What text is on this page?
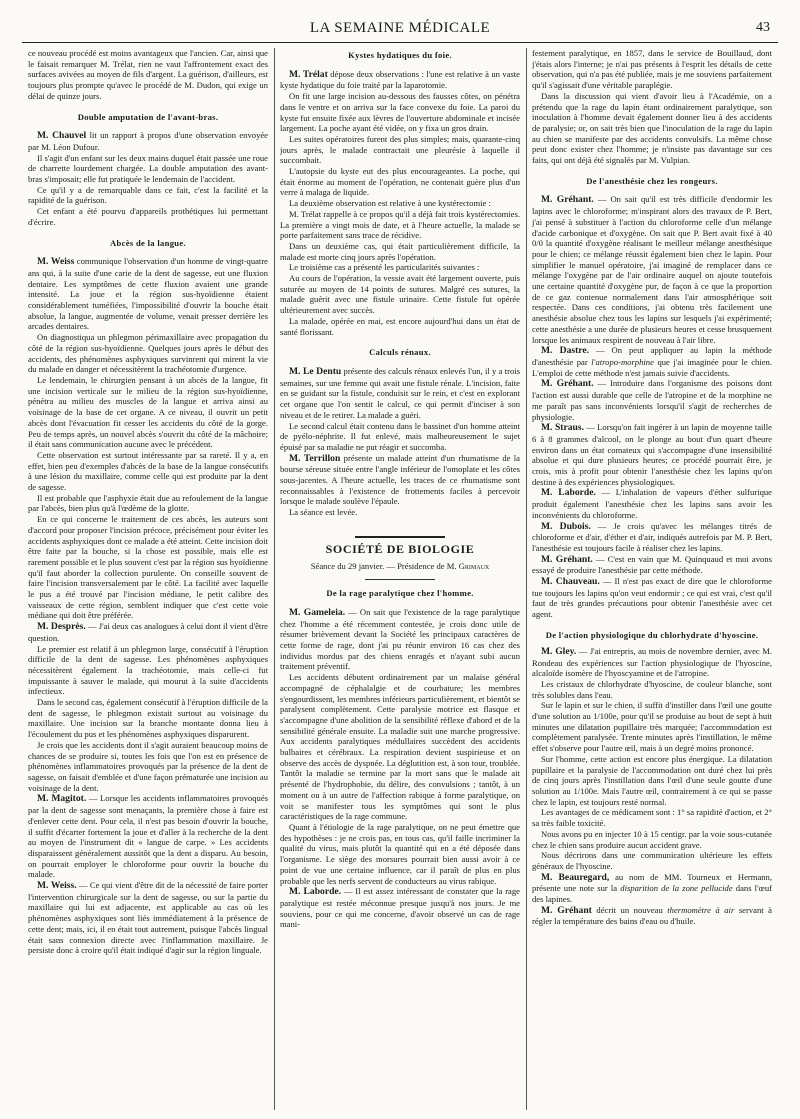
LA SEMAINE MÉDICALE	43

ce nouveau procédé est moins avantageux que l'ancien. Car, ainsi que le faisait remarquer M. Trélat, rien ne vaut l'affrontement exact des surfaces avivées au moyen de fils d'argent. La guérison, d'ailleurs, est toujours plus prompte qu'avec le procédé de M. Dudon, qui exige un délai de quinze jours.

Double amputation de l'avant-bras.

M. Chauvel lit un rapport à propos d'une observation envoyée par M. Léon Dufour.

Il s'agit d'un enfant sur les deux mains duquel était passée une roue de charrette lourdement chargée. La double amputation des avant-bras s'imposait; elle fut pratiquée le lendemain de l'accident.

Ce qu'il y a de remarquable dans ce fait, c'est la facilité et la rapidité de la guérison.

Cet enfant a été pourvu d'appareils prothétiques lui permettant d'écrire.

Abcès de la langue.

M. Weiss communique l'observation d'un homme de vingt-quatre ans qui, à la suite d'une carie de la dent de sagesse, eut une fluxion dentaire. Les symptômes de cette fluxion avaient une grande intensité. La joue et la région sus-hyoïdienne étaient considérablement tuméfiées, l'impossibilité d'ouvrir la bouche était absolue, la langue, augmentée de volume, venait presser derrière les arcades dentaires.

On diagnostiqua un phlegmon périmaxillaire avec propagation du côté de la région sus-hyoïdienne. Quelques jours après le début des accidents, des phénomènes asphyxiques survinrent qui mirent la vie du malade en danger et nécessitèrent la trachéotomie d'urgence.

Le lendemain, le chirurgien pensant à un abcès de la langue, fit une incision verticale sur le milieu de la région sus-hyoïdienne, pénétra au milieu des muscles de la langue et arriva ainsi au voisinage de la base de cet organe. A ce niveau, il ouvrit un petit abcès dont l'évacuation fit cesser les accidents du côté de la gorge. Peu de temps après, un nouvel abcès s'ouvrit du côté de la mâchoire; il était sans communication aucune avec le précédent.

Cette observation est surtout intéressante par sa rareté. Il y a, en effet, bien peu d'exemples d'abcès de la base de la langue consécutifs à une lésion du maxillaire, comme celle qui est produite par la dent de sagesse.

Il est probable que l'asphyxie était due au refoulement de la langue par l'abcès, bien plus qu'à l'œdème de la glotte.

En ce qui concerne le traitement de ces abcès, les auteurs sont d'accord pour proposer l'incision précoce, précisément pour éviter les accidents asphyxiques dont ce malade a été atteint. Cette incision doit être faite par la bouche, si la chose est possible, mais elle est rarement possible et le plus souvent c'est par la région sus hyoïdienne qu'il faut aborder la collection purulente. On conseille souvent de faire l'incision transversalement par le côté. La facilité avec laquelle le pus a été trouvé par l'incision médiane, le petit calibre des vaisseaux de cette région, semblent indiquer que c'est cette voie médiane qui doit être préférée.

M. Desprès. — J'ai deux cas analogues à celui dont il vient d'être question.

Le premier est relatif à un phlegmon large, consécutif à l'éruption difficile de la dent de sagesse. Les phénomènes asphyxiques nécessitèrent également la trachéotomie, mais celle-ci fut impuissante à sauver le malade, qui mourut à la suite d'accidents infectieux.

Dans le second cas, également consécutif à l'éruption difficile de la dent de sagesse, le phlegmon existait surtout au voisinage du maxillaire. Une incision sur la branche montante donna lieu à l'écoulement du pus et les phénomènes asphyxiques disparurent.

Je crois que les accidents dont il s'agit auraient beaucoup moins de chances de se produire si, toutes les fois que l'on est en présence de phénomènes inflammatoires provoqués par la présence de la dent de sagesse, on faisait d'emblée et d'une façon prématurée une incision au voisinage de la dent.

M. Magitot. — Lorsque les accidents inflammatoires provoqués par la dent de sagesse sont menaçants, la première chose à faire est d'enlever cette dent. Pour cela, il n'est pas besoin d'ouvrir la bouche, il suffit d'écarter fortement la joue et d'aller à la recherche de la dent au moyen de l'instrument dit « langue de carpe. » Les accidents disparaissent généralement aussitôt que la dent a disparu. Au besoin, on pourrait employer le chloroforme pour ouvrir la bouche du malade.

M. Weiss. — Ce qui vient d'être dit de la nécessité de faire porter l'intervention chirurgicale sur la dent de sagesse, ou sur la partie du maxillaire qui lui est adjacente, est applicable au cas où les phénomènes asphyxiques sont liés immédiatement à la présence de cette dent; mais, ici, il en était tout autrement, puisque l'abcès lingual était sans connexion directe avec l'inflammation maxillaire. Je persiste donc à croire qu'il était indiqué d'agir sur la région linguale.

Kystes hydatiques du foie.

M. Trélat dépose deux observations : l'une est relative à un vaste kyste hydatique du foie traité par la laparotomie.

On fit une large incision au-dessous des fausses côtes, on pénétra dans le ventre et on arriva sur la face convexe du foie. La paroi du kyste fut ensuite fixée aux lèvres de l'ouverture abdominale et incisée largement. La poche ayant été vidée, on y fixa un gros drain.

Les suites opératoires furent des plus simples; mais, quarante-cinq jours après, le malade contractait une pleurésie à laquelle il succombait.

L'autopsie du kyste eut des plus encourageantes. La poche, qui était énorme au moment de l'opération, ne contenait guère plus d'un verre à malaga de liquide.

La deuxième observation est relative à une kystérectomie :

M. Trélat rappelle à ce propos qu'il a déjà fait trois kystérectomies. La première a vingt mois de date, et à l'heure actuelle, la malade se porte parfaitement sans trace de récidive.

Dans un deuxième cas, qui était particulièrement difficile, la malade est morte cinq jours après l'opération.

Le troisième cas a présenté les particularités suivantes :

Au cours de l'opération, la vessie avait été largement ouverte, puis suturée au moyen de 14 points de sutures. Malgré ces sutures, la malade guérit avec une fistule urinaire. Cette fistule fut opérée ultérieurement avec succès.

La malade, opérée en mai, est encore aujourd'hui dans un état de santé florissant.

Calculs rénaux.

M. Le Dentu présente des calculs rénaux enlevés l'un, il y a trois semaines, sur une femme qui avait une fistule rénale. L'incision, faite en se guidant sur la fistule, conduisit sur le rein, et c'est en explorant cet organe que l'on sentit le calcul, ce qui permit d'inciser à son niveau et de le retirer. La malade a guéri.

Le second calcul était contenu dans le bassinet d'un homme atteint de pyélo-néphrite. Il fut enlevé, mais malheureusement le sujet épuisé par sa maladie ne put réagir et succomba.

M. Terrillon présente un malade atteint d'un rhumatisme de la bourse séreuse située entre l'angle inférieur de l'omoplate et les côtes sous-jacentes. A l'heure actuelle, les traces de ce rhumatisme sont reconnaissables à l'existence de frottements faciles à percevoir lorsque le malade soulève l'épaule.

La séance est levée.

SOCIÉTÉ DE BIOLOGIE
Séance du 29 janvier. — Présidence de M. Grimaux
De la rage paralytique chez l'homme.

M. Gameleia. — On sait que l'existence de la rage paralytique chez l'homme a été récemment contestée, je crois donc utile de résumer brièvement devant la Société les principaux caractères de cette forme de rage, dont j'ai pu réunir environ 16 cas chez des individus mordus par des chiens enragés et n'ayant subi aucun traitement préventif.

Les accidents débutent ordinairement par un malaise général accompagné de céphalalgie et de courbature; les membres s'engourdissent, les membres inférieurs particulièrement, et bientôt se paralysent complètement. Cette paralysie motrice est flasque et s'accompagne d'une abolition de la sensibilité réflexe d'abord et de la sensibilité générale ensuite. La maladie suit une marche progressive. Aux accidents paralytiques médullaires succèdent des accidents bulbaires et cérébraux. La respiration devient suspirieuse et on observe des accès de dyspnée. La déglutition est, à son tour, troublée. Tantôt la maladie se termine par la mort sans que le malade ait présenté de l'hydrophobie, du délire, des convulsions ; tantôt, à un moment ou à un autre de l'affection rabique à forme paralytique, on voit se manifester tous les symptômes qui sont le plus caractéristiques de la rage commune.

Quant à l'étiologie de la rage paralytique, on ne peut émettre que des hypothèses : je ne crois pas, en tous cas, qu'il faille incriminer la qualité du virus, mais plutôt la quantité qui en a été déposée dans l'organisme. Le siège des morsures pourrait bien aussi avoir à ce point de vue une certaine influence, car il paraît de plus en plus probable que les nerfs servent de conducteurs au virus rabique.

M. Laborde. — Il est assez intéressant de constater que la rage paralytique est restée méconnue presque jusqu'à nos jours. Je me souviens, pour ce qui me concerne, d'avoir observé un cas de rage mani-

festement paralytique, en 1857, dans le service de Bouillaud, dont j'étais alors l'interne; je n'ai pas présents à l'esprit les détails de cette observation, qui n'a pas été publiée, mais je me souviens parfaitement qu'il s'agissait d'une véritable paraplégie.

Dans la discussion qui vient d'avoir lieu à l'Académie, on a prétendu que la rage du lapin étant ordinairement paralytique, son inoculation à l'homme devait également donner lieu à des accidents de paralysie; or, on sait très bien que l'inoculation de la rage du lapin au chien se manifeste par des accidents convulsifs. La même chose peut donc exister chez l'homme; je n'insiste pas davantage sur ces faits, qui ont déjà été signalés par M. Vulpian.

De l'anesthésie chez les rongeurs.

M. Gréhant. — On sait qu'il est très difficile d'endormir les lapins avec le chloroforme; m'inspirant alors des travaux de P. Bert, j'ai pensé à substituer à l'action du chloroforme celle d'un mélange d'acide carbonique et d'oxygène. On sait que P. Bert avait fixé à 40 0/0 la quantité d'oxygène réalisant le meilleur mélange anesthésique pour le chien; ce mélange réussit également bien chez le lapin. Pour simplifier le manuel opératoire, j'ai imaginé de remplacer dans ce mélange l'oxygène par de l'air ordinaire auquel on ajoute toutefois une certaine quantité d'oxygène pur, de façon à ce que la proportion de ce gaz contenue normalement dans l'air atmosphérique soit respectée. Dans ces conditions, j'ai obtenu très facilement une anesthésie absolue chez tous les lapins sur lesquels j'ai expérimenté; cette anesthésie a une durée de plusieurs heures et cesse brusquement lorsque les animaux respirent de nouveau à l'air libre.

M. Dastre. — On peut appliquer au lapin la méthode d'anesthésie par l'atropo-morphine que j'ai imaginée pour le chien. L'emploi de cette méthode n'est jamais suivie d'accidents.

M. Gréhant. — Introduire dans l'organisme des poisons dont l'action est aussi durable que celle de l'atropine et de la morphine ne me paraît pas sans inconvénients lorsqu'il s'agit de recherches de physiologie.

M. Straus. — Lorsqu'on fait ingérer à un lapin de moyenne taille 6 à 8 grammes d'alcool, on le plonge au bout d'un quart d'heure environ dans un état comateux qui s'accompagne d'une insensibilité absolue et qui dure plusieurs heures; ce procédé pourrait être, je crois, mis à profit pour obtenir l'anesthésie chez les lapins qu'on destine à des expériences physiologiques.

M. Laborde. — L'inhalation de vapeurs d'éther sulfurique produit également l'anesthésie chez les lapins sans avoir les inconvénients du chloroforme.

M. Dubois. — Je crois qu'avec les mélanges titrés de chloroforme et d'air, d'éther et d'air, indiqués autrefois par M. P. Bert, l'anesthésie est toujours facile à réaliser chez les lapins.

M. Gréhant. — C'est en vain que M. Quinquaud et moi avons essayé de produire l'anesthésie par cette méthode.

M. Chauveau. — Il n'est pas exact de dire que le chloroforme tue toujours les lapins qu'on veut endormir ; ce qui est vrai, c'est qu'il faut de très grandes précautions pour obtenir l'anesthésie avec cet agent.

De l'action physiologique du chlorhydrate d'hyoscine.

M. Gley. — J'ai entrepris, au mois de novembre dernier, avec M. Rondeau des expériences sur l'action physiologique de l'hyoscine, alcaloïde isomère de l'hyoscyamine et de l'atropine.

Les cristaux de chlorhydrate d'hyoscine, de couleur blanche, sont très solubles dans l'eau.

Sur le lapin et sur le chien, il suffit d'instiller dans l'œil une goutte d'une solution au 1/100e, pour qu'il se produise au bout de sept à huit minutes une dilatation pupillaire très marquée; l'accommodation est complètement paralysée. Trente minutes après l'instillation, le même effet s'observe pour l'autre œil, mais à un degré moins prononcé.

Sur l'homme, cette action est encore plus énergique. La dilatation pupillaire et la paralysie de l'accommodation ont duré chez lui près de cinq jours après l'instillation dans l'œil d'une seule goutte d'une solution au 1/100e. Mais l'autre œil, contrairement à ce qui se passe chez le lapin, est toujours resté normal.

Les avantages de ce médicament sont : 1° sa rapidité d'action, et 2° sa très faible toxicité.

Nous avons pu en injecter 10 à 15 centigr. par la voie sous-cutanée chez le chien sans produire aucun accident grave.

Nous décrirons dans une communication ultérieure les effets généraux de l'hyoscine.

M. Beauregard, au nom de MM. Tourneux et Hermann, présente une note sur la disparition de la zone pellucide dans l'œuf des lapines.

M. Gréhant décrit un nouveau thermomètre à air servant à régler la température des bains d'eau ou d'huile.
